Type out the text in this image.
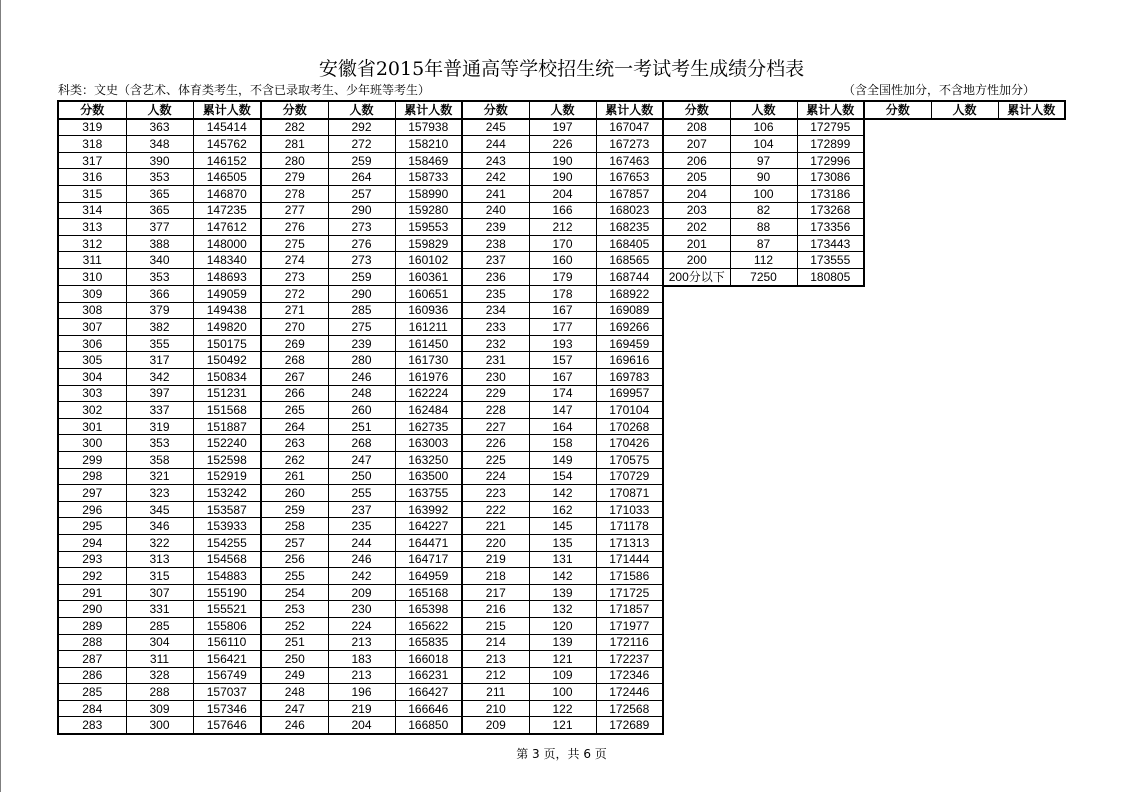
安徽省2015年普通高等学校招生统一考试考生成绩分档表
科类：文史（含艺术、体育类考生，不含已录取考生、少年班等考生）	（含全国性加分，不含地方性加分）
分数	人数	累计人数	分数	人数	累计人数	分数	人数	累计人数	分数	人数	累计人数	分数	人数	累计人数
319	363	145414	282	292	157938	245	197	167047	208	106	172795			
318	348	145762	281	272	158210	244	226	167273	207	104	172899			
317	390	146152	280	259	158469	243	190	167463	206	97	172996			
316	353	146505	279	264	158733	242	190	167653	205	90	173086			
315	365	146870	278	257	158990	241	204	167857	204	100	173186			
314	365	147235	277	290	159280	240	166	168023	203	82	173268			
313	377	147612	276	273	159553	239	212	168235	202	88	173356			
312	388	148000	275	276	159829	238	170	168405	201	87	173443			
311	340	148340	274	273	160102	237	160	168565	200	112	173555			
310	353	148693	273	259	160361	236	179	168744	200分以下	7250	180805			
309	366	149059	272	290	160651	235	178	168922						
308	379	149438	271	285	160936	234	167	169089						
307	382	149820	270	275	161211	233	177	169266						
306	355	150175	269	239	161450	232	193	169459						
305	317	150492	268	280	161730	231	157	169616						
304	342	150834	267	246	161976	230	167	169783						
303	397	151231	266	248	162224	229	174	169957						
302	337	151568	265	260	162484	228	147	170104						
301	319	151887	264	251	162735	227	164	170268						
300	353	152240	263	268	163003	226	158	170426						
299	358	152598	262	247	163250	225	149	170575						
298	321	152919	261	250	163500	224	154	170729						
297	323	153242	260	255	163755	223	142	170871						
296	345	153587	259	237	163992	222	162	171033						
295	346	153933	258	235	164227	221	145	171178						
294	322	154255	257	244	164471	220	135	171313						
293	313	154568	256	246	164717	219	131	171444						
292	315	154883	255	242	164959	218	142	171586						
291	307	155190	254	209	165168	217	139	171725						
290	331	155521	253	230	165398	216	132	171857						
289	285	155806	252	224	165622	215	120	171977						
288	304	156110	251	213	165835	214	139	172116						
287	311	156421	250	183	166018	213	121	172237						
286	328	156749	249	213	166231	212	109	172346						
285	288	157037	248	196	166427	211	100	172446						
284	309	157346	247	219	166646	210	122	172568						
283	300	157646	246	204	166850	209	121	172689						
第 3 页，共 6 页
